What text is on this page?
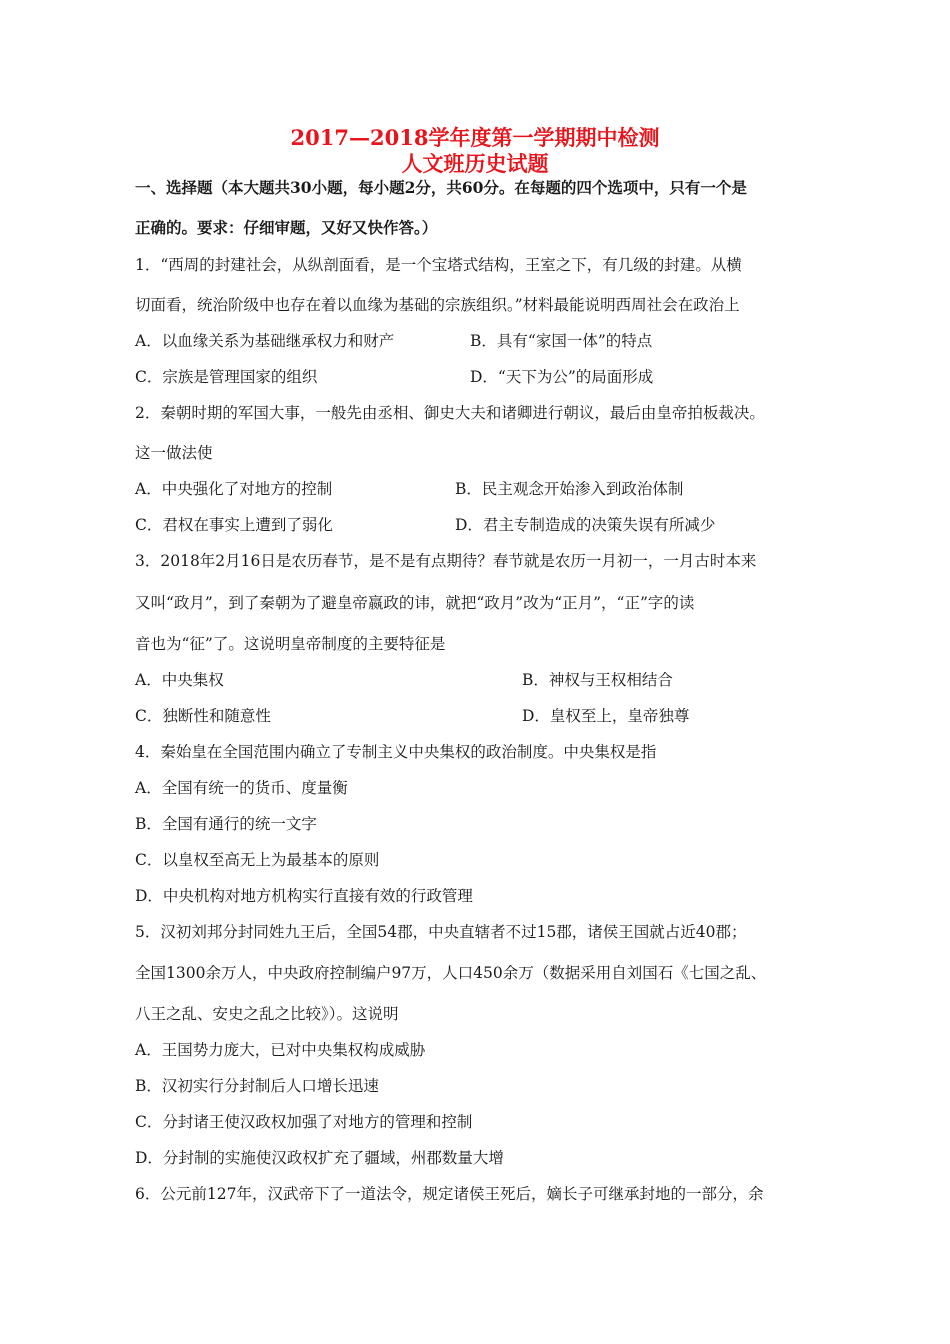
2017—2018学年度第一学期期中检测
人文班历史试题
一、选择题（本大题共30小题，每小题2分，共60分。在每题的四个选项中，只有一个是
正确的。要求：仔细审题，又好又快作答。）
1．“西周的封建社会，从纵剖面看，是一个宝塔式结构，王室之下，有几级的封建。从横
切面看，统治阶级中也存在着以血缘为基础的宗族组织。”材料最能说明西周社会在政治上
A．以血缘关系为基础继承权力和财产	B．具有“家国一体”的特点
C．宗族是管理国家的组织	D．“天下为公”的局面形成
2．秦朝时期的军国大事，一般先由丞相、御史大夫和诸卿进行朝议，最后由皇帝拍板裁决。
这一做法使
A．中央强化了对地方的控制	B．民主观念开始渗入到政治体制
C．君权在事实上遭到了弱化	D．君主专制造成的决策失误有所减少
3．2018年2月16日是农历春节，是不是有点期待？春节就是农历一月初一，一月古时本来
又叫“政月”，到了秦朝为了避皇帝嬴政的讳，就把“政月”改为“正月”，“正”字的读
音也为“征”了。这说明皇帝制度的主要特征是
A．中央集权	B．神权与王权相结合
C．独断性和随意性	D．皇权至上，皇帝独尊
4．秦始皇在全国范围内确立了专制主义中央集权的政治制度。中央集权是指
A．全国有统一的货币、度量衡
B．全国有通行的统一文字
C．以皇权至高无上为最基本的原则
D．中央机构对地方机构实行直接有效的行政管理
5．汉初刘邦分封同姓九王后，全国54郡，中央直辖者不过15郡，诸侯王国就占近40郡；
全国1300余万人，中央政府控制编户97万，人口450余万（数据采用自刘国石《七国之乱、
八王之乱、安史之乱之比较》）。这说明
A．王国势力庞大，已对中央集权构成威胁
B．汉初实行分封制后人口增长迅速
C．分封诸王使汉政权加强了对地方的管理和控制
D．分封制的实施使汉政权扩充了疆域，州郡数量大增
6．公元前127年，汉武帝下了一道法令，规定诸侯王死后，嫡长子可继承封地的一部分，余
